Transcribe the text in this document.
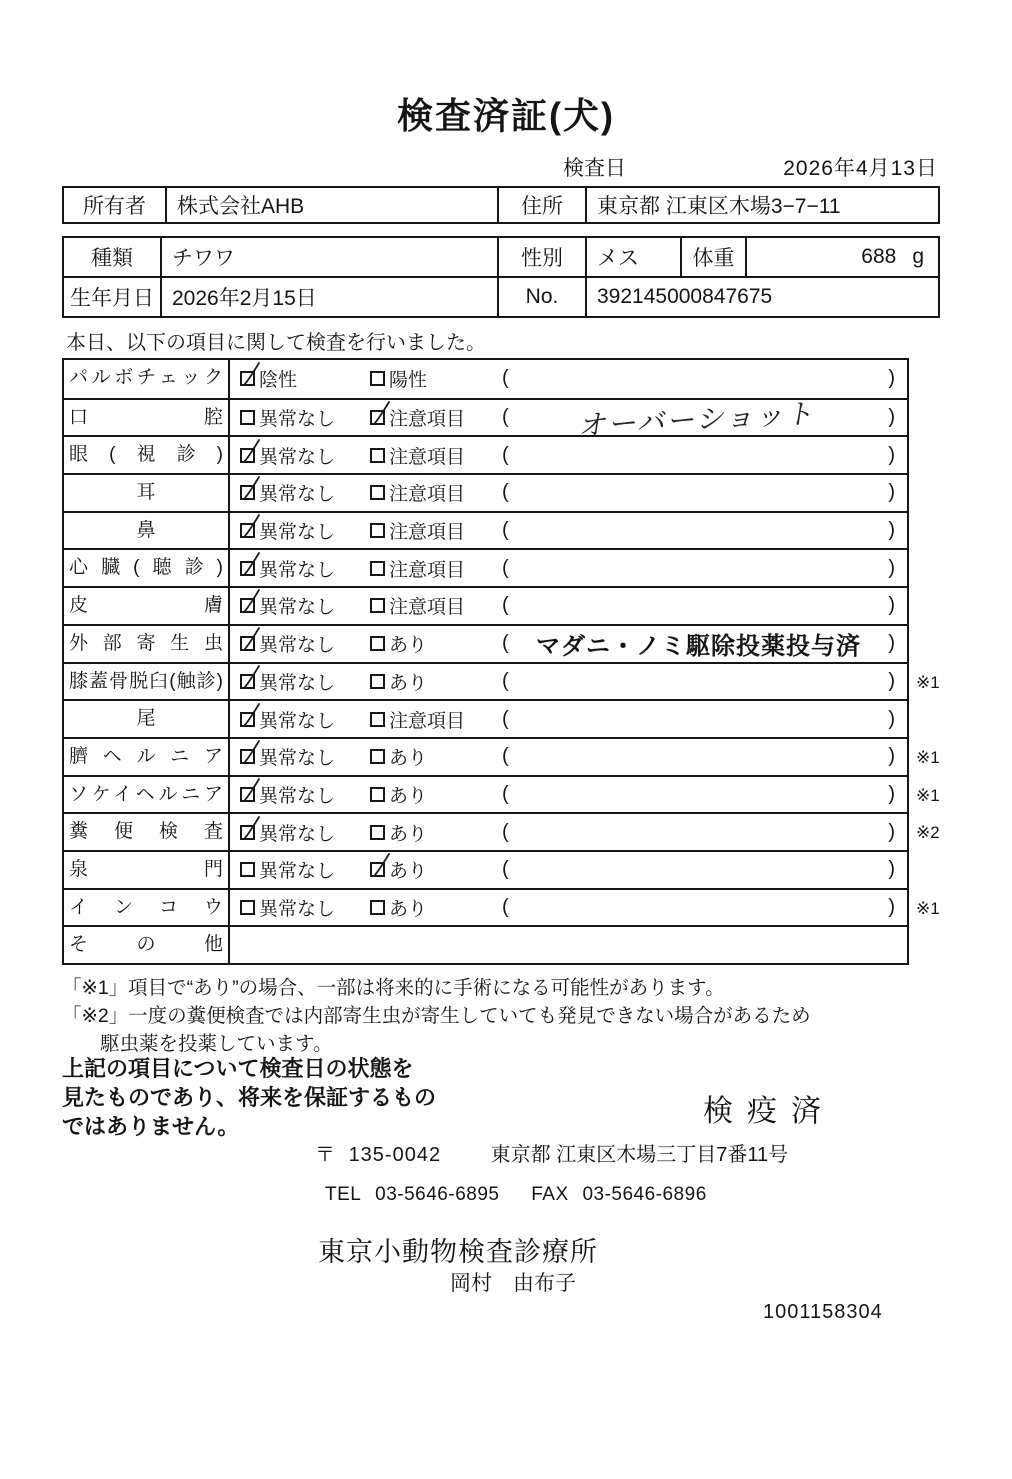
検査済証(犬)
検査日	2026年4月13日
所有者	株式会社AHB	住所	東京都 江東区木場3−7−11
種類	チワワ	性別	メス	体重	688 g
生年月日 2026年2月15日	No.	392145000847675
本日、以下の項目に関して検査を行いました。
パルボチェック	陰性	陽性	(	)
口腔	異常なし	注意項目 (	オーバーショット	)
眼(視診)	異常なし	注意項目 (	)
耳	異常なし	注意項目 (	)
鼻	異常なし	注意項目 (	)
心臓(聴診)	異常なし	注意項目 (	)
皮膚	異常なし	注意項目 (	)
外部寄生虫	異常なし	あり	(	マダニ・ノミ駆除投薬投与済	)
膝蓋骨脱臼(触診)	異常なし	あり	(	) ※1
尾	異常なし	注意項目 (	)
臍ヘルニア	異常なし	あり	(	) ※1
ソケイヘルニア	異常なし	あり	(	) ※1
糞便検査	異常なし	あり	(	) ※2
泉門	異常なし	あり	(	)
インコウ	異常なし	あり	(	) ※1
その他
「※1」項目で“あり”の場合、一部は将来的に手術になる可能性があります。
「※2」一度の糞便検査では内部寄生虫が寄生していても発見できない場合があるため
駆虫薬を投薬しています。
上記の項目について検査日の状態を
見たものであり、将来を保証するもの
ではありません。	検疫済
〒 135-0042 東京都 江東区木場三丁目7番11号
TEL 03-5646-6895 FAX 03-5646-6896
東京小動物検査診療所
岡村　由布子
1001158304
